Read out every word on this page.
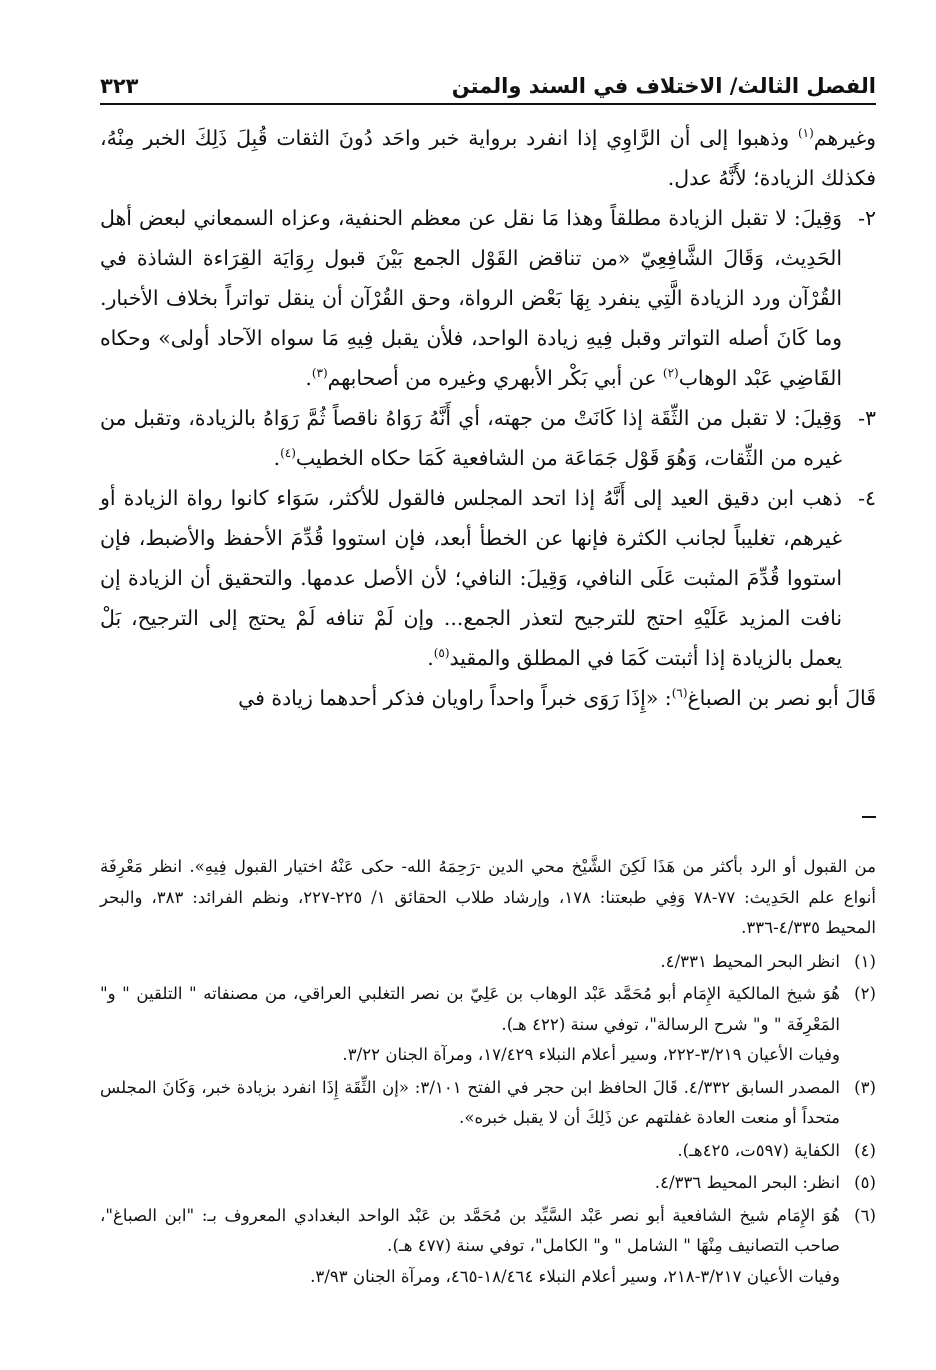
الفصل الثالث/ الاختلاف في السند والمتن
٣٢٣

وغيرهم$^{(١)}$ وذهبوا إلى أن الرَّاوِي إذا انفرد برواية خبر واحَد دُونَ الثقات قُبِلَ ذَلِكَ الخبر مِنْهُ، فكذلك الزيادة؛ لأَنَّهُ عدل.

٢-
وَقِيلَ: لا تقبل الزيادة مطلقاً وهذا مَا نقل عن معظم الحنفية، وعزاه السمعاني لبعض أهل الحَدِيث، وَقَالَ الشَّافِعِيّ «من تناقض القَوْل الجمع بَيْنَ قبول رِوَايَة القِرَاءة الشاذة في القُرْآن ورد الزيادة الَّتِي ينفرد بِهَا بَعْض الرواة، وحق القُرْآن أن ينقل تواتراً بخلاف الأخبار. وما كَانَ أصله التواتر وقبل فِيهِ زيادة الواحد، فلأن يقبل فِيهِ مَا سواه الآحاد أولى» وحكاه القَاضِي عَبْد الوهاب$^{(٢)}$ عن أبي بَكْر الأبهري وغيره من أصحابهم$^{(٣)}$.
٣-
وَقِيلَ: لا تقبل من الثِّقَة إذا كَانَتْ من جهته، أي أَنَّهُ رَوَاهُ ناقصاً ثُمَّ رَوَاهُ بالزيادة، وتقبل من غيره من الثِّقات، وَهُوَ قَوْل جَمَاعَة من الشافعية كَمَا حكاه الخطيب$^{(٤)}$.
٤-
ذهب ابن دقيق العيد إلى أَنَّهُ إذا اتحد المجلس فالقول للأكثر، سَوَاء كانوا رواة الزيادة أو غيرهم، تغليباً لجانب الكثرة فإنها عن الخطأ أبعد، فإن استووا قُدِّمَ الأحفظ والأضبط، فإن استووا قُدِّمَ المثبت عَلَى النافي، وَقِيلَ: النافي؛ لأن الأصل عدمها. والتحقيق أن الزيادة إن نافت المزيد عَلَيْهِ احتج للترجيح لتعذر الجمع... وإن لَمْ تنافه لَمْ يحتج إلى الترجيح، بَلْ يعمل بالزيادة إذا أثبتت كَمَا في المطلق والمقيد$^{(٥)}$.

قَالَ أبو نصر بن الصباغ$^{(٦)}$: «إِذَا رَوَى خبراً واحداً راويان فذكر أحدهما زيادة في

من القبول أو الرد بأكثر من هَذَا لَكِنَ الشَّيْخ محي الدين -رَحِمَهُ الله- حكى عَنْهُ اختيار القبول فِيهِ». انظر مَعْرِفَة أنواع علم الحَدِيث: ٧٧-٧٨ وَفِي طبعتنا: ١٧٨، وإرشاد طلاب الحقائق ١/ ٢٢٥-٢٢٧، ونظم الفرائد: ٣٨٣، والبحر المحيط ٤/٣٣٥-٣٣٦.

(١)

انظر البحر المحيط ٤/٣٣١.

(٢)

هُوَ شيخ المالكية الإِمَام أبو مُحَمَّد عَبْد الوهاب بن عَلِيّ بن نصر التغلبي العراقي، من مصنفاته " التلقين " و" المَعْرِفَة " و" شرح الرسالة"، توفي سنة (٤٢٢ هـ).

وفيات الأعيان ٣/٢١٩-٢٢٢، وسير أعلام النبلاء ١٧/٤٢٩، ومرآة الجنان ٣/٢٢.

(٣)

المصدر السابق ٤/٣٣٢. قَالَ الحافظ ابن حجر في الفتح ٣/١٠١: «إن الثِّقَة إِذَا انفرد بزيادة خبر، وَكَانَ المجلس متحداً أو منعت العادة غفلتهم عن ذَلِكَ أن لا يقبل خبره».

(٤)

الكفاية (٥٩٧ت، ٤٢٥هـ).

(٥)

انظر: البحر المحيط ٤/٣٣٦.

(٦)

هُوَ الإِمَام شيخ الشافعية أبو نصر عَبْد السَّيِّد بن مُحَمَّد بن عَبْد الواحد البغدادي المعروف بـ: "ابن الصباغ"، صاحب التصانيف مِنْهَا " الشامل " و" الكامل"، توفي سنة (٤٧٧ هـ).

وفيات الأعيان ٣/٢١٧-٢١٨، وسير أعلام النبلاء ١٨/٤٦٤-٤٦٥، ومرآة الجنان ٣/٩٣.
